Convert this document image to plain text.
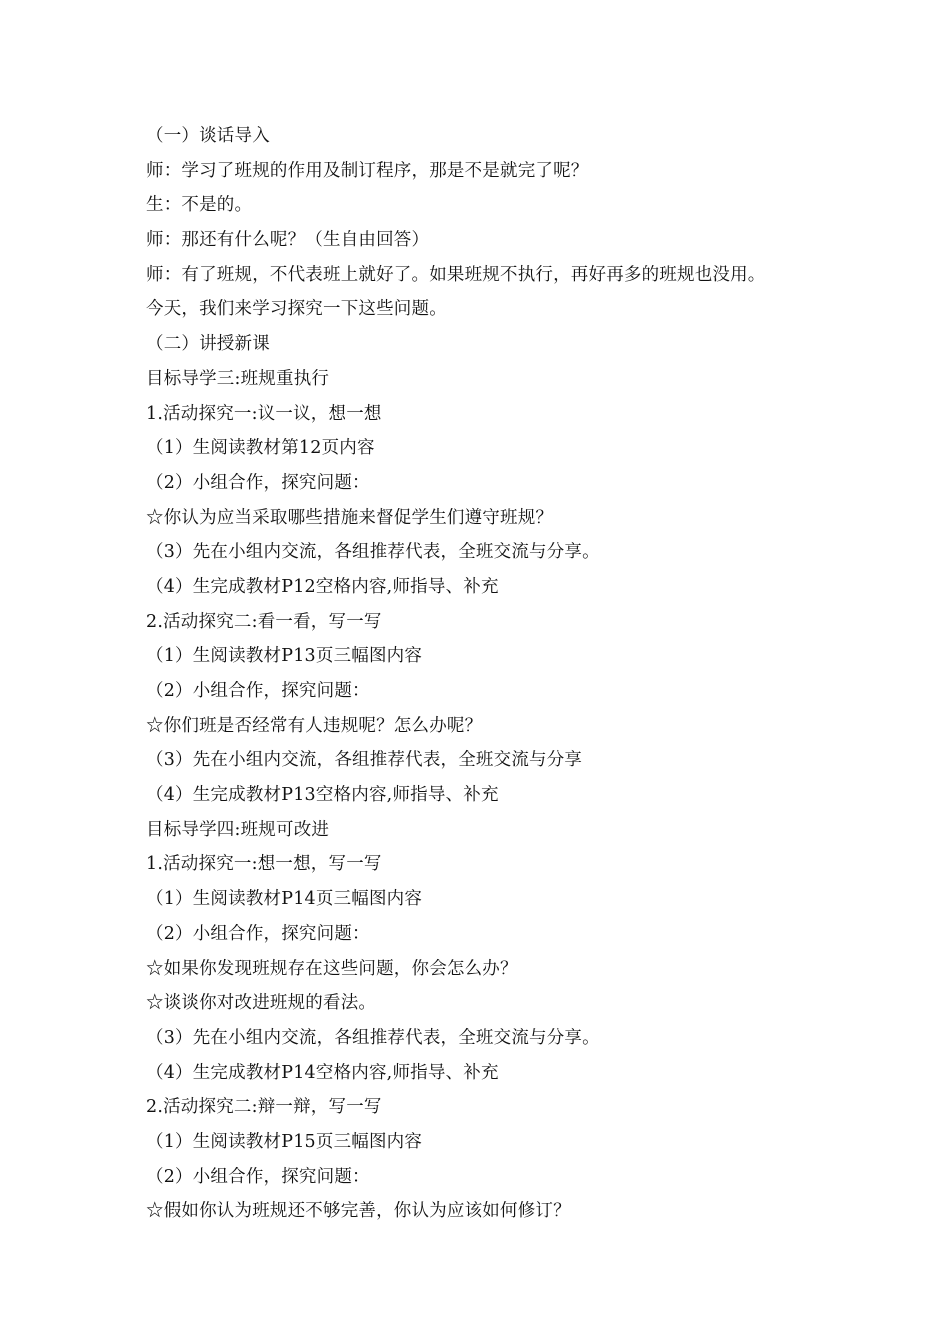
（一）谈话导入
师：学习了班规的作用及制订程序，那是不是就完了呢？
生：不是的。
师：那还有什么呢？（生自由回答）
师：有了班规，不代表班上就好了。如果班规不执行，再好再多的班规也没用。
今天，我们来学习探究一下这些问题。
（二）讲授新课
目标导学三:班规重执行
1.活动探究一:议一议，想一想
（1）生阅读教材第12页内容
（2）小组合作，探究问题：
☆你认为应当采取哪些措施来督促学生们遵守班规？
（3）先在小组内交流，各组推荐代表，全班交流与分享。
（4）生完成教材P12空格内容,师指导、补充
2.活动探究二:看一看，写一写
（1）生阅读教材P13页三幅图内容
（2）小组合作，探究问题：
☆你们班是否经常有人违规呢？怎么办呢？
（3）先在小组内交流，各组推荐代表，全班交流与分享
（4）生完成教材P13空格内容,师指导、补充
目标导学四:班规可改进
1.活动探究一:想一想，写一写
（1）生阅读教材P14页三幅图内容
（2）小组合作，探究问题：
☆如果你发现班规存在这些问题，你会怎么办？
☆谈谈你对改进班规的看法。
（3）先在小组内交流，各组推荐代表，全班交流与分享。
（4）生完成教材P14空格内容,师指导、补充
2.活动探究二:辩一辩，写一写
（1）生阅读教材P15页三幅图内容
（2）小组合作，探究问题：
☆假如你认为班规还不够完善，你认为应该如何修订？
